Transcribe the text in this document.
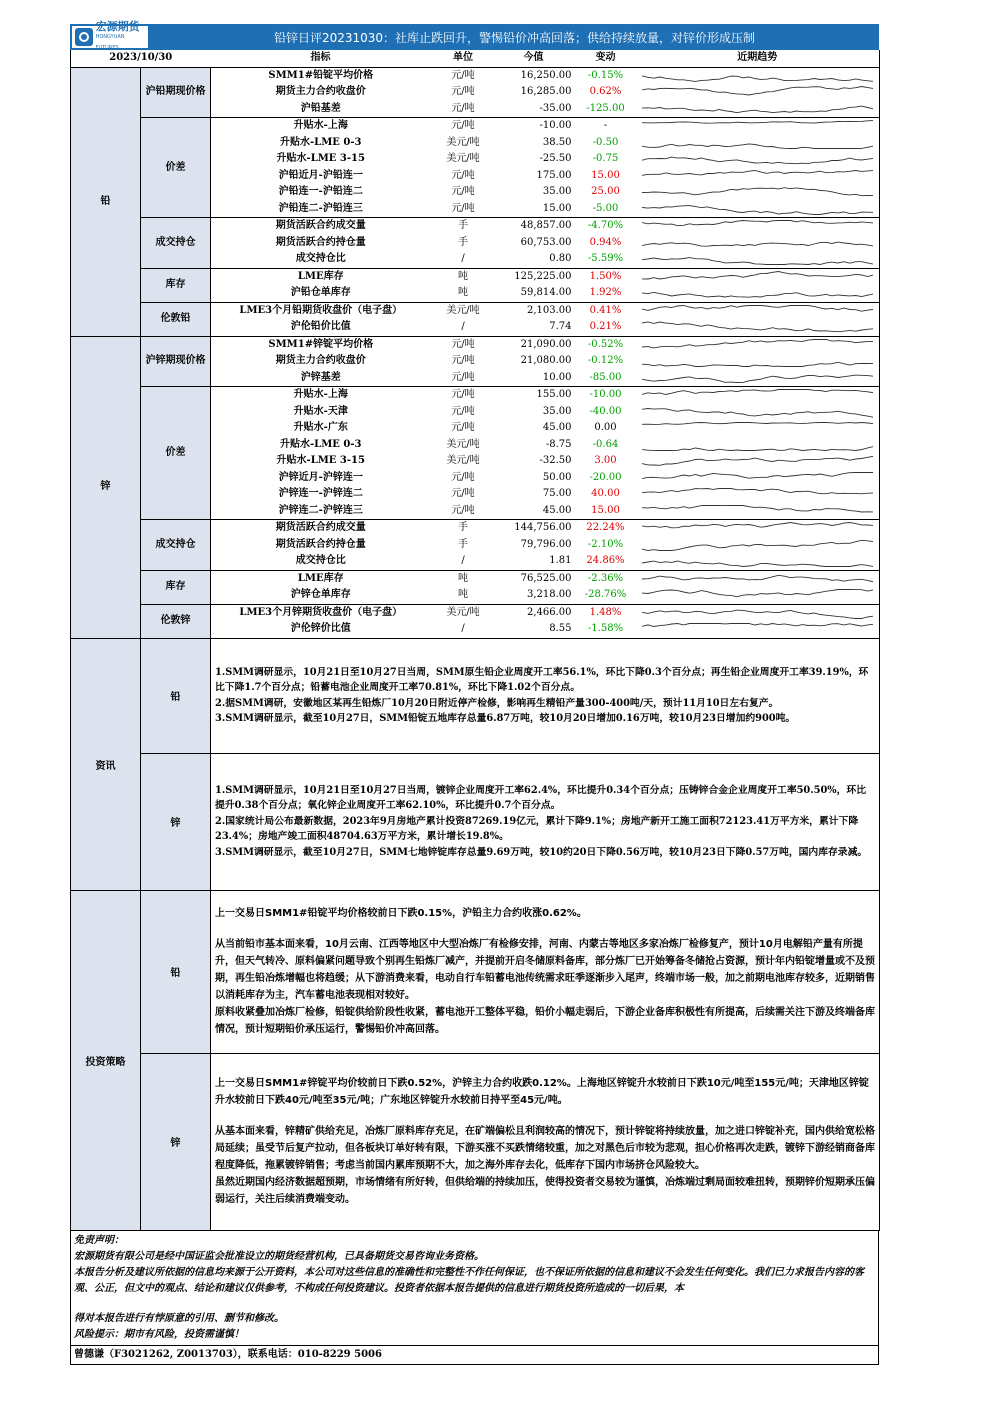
宏源期货
HONGYUAN FUTURES
铅锌日评20231030：社库止跌回升，警惕铅价冲高回落；供给持续放量，对锌价形成压制
2023/10/30		指标	单位	今值	变动	近期趋势
铅	沪铅期现价格	SMM1#铅锭平均价格	元/吨	16,250.00	-0.15%	

		期货主力合约收盘价	元/吨	16,285.00	0.62%	

		沪铅基差	元/吨	-35.00	-125.00	

	价差	升贴水-上海	元/吨	-10.00	-	

		升贴水-LME 0-3	美元/吨	38.50	-0.50	

		升贴水-LME 3-15	美元/吨	-25.50	-0.75	

		沪铅近月-沪铅连一	元/吨	175.00	15.00	

		沪铅连一-沪铅连二	元/吨	35.00	25.00	

		沪铅连二-沪铅连三	元/吨	15.00	-5.00	

	成交持仓	期货活跃合约成交量	手	48,857.00	-4.70%	

		期货活跃合约持仓量	手	60,753.00	0.94%	

		成交持仓比	/	0.80	-5.59%	

	库存	LME库存	吨	125,225.00	1.50%	

		沪铅仓单库存	吨	59,814.00	1.92%	

	伦敦铅	LME3个月铅期货收盘价（电子盘）	美元/吨	2,103.00	0.41%	

		沪伦铅价比值	/	7.74	0.21%	

锌	沪锌期现价格	SMM1#锌锭平均价格	元/吨	21,090.00	-0.52%	

		期货主力合约收盘价	元/吨	21,080.00	-0.12%	

		沪锌基差	元/吨	10.00	-85.00	

	价差	升贴水-上海	元/吨	155.00	-10.00	

		升贴水-天津	元/吨	35.00	-40.00	

		升贴水-广东	元/吨	45.00	0.00	

		升贴水-LME 0-3	美元/吨	-8.75	-0.64	

		升贴水-LME 3-15	美元/吨	-32.50	3.00	

		沪锌近月-沪锌连一	元/吨	50.00	-20.00	

		沪锌连一-沪锌连二	元/吨	75.00	40.00	

		沪锌连二-沪锌连三	元/吨	45.00	15.00	

	成交持仓	期货活跃合约成交量	手	144,756.00	22.24%	

		期货活跃合约持仓量	手	79,796.00	-2.10%	

		成交持仓比	/	1.81	24.86%	

	库存	LME库存	吨	76,525.00	-2.36%	

		沪锌仓单库存	吨	3,218.00	-28.76%	

	伦敦锌	LME3个月锌期货收盘价（电子盘）	美元/吨	2,466.00	1.48%	

		沪伦锌价比值	/	8.55	-1.58%	
资讯	铅	1.SMM调研显示，10月21日至10月27日当周，SMM原生铅企业周度开工率56.1%，环比下降0.3个百分点；再生铅企业周度开工率39.19%，环比下降1.7个百分点；铅蓄电池企业周度开工率70.81%，环比下降1.02个百分点。

2.据SMM调研，安徽地区某再生铅炼厂10月20日附近停产检修，影响再生精铅产量300-400吨/天，预计11月10日左右复产。

3.SMM调研显示，截至10月27日，SMM铅锭五地库存总量6.87万吨，较10月20日增加0.16万吨，较10月23日增加约900吨。

	锌	1.SMM调研显示，10月21日至10月27日当周，镀锌企业周度开工率62.4%，环比提升0.34个百分点；压铸锌合金企业周度开工率50.50%，环比提升0.38个百分点；氧化锌企业周度开工率62.10%，环比提升0.7个百分点。

2.国家统计局公布最新数据，2023年9月房地产累计投资87269.19亿元，累计下降9.1%；房地产新开工施工面积72123.41万平方米，累计下降23.4%；房地产竣工面积48704.63万平方米，累计增长19.8%。

3.SMM调研显示，截至10月27日，SMM七地锌锭库存总量9.69万吨，较10约20日下降0.56万吨，较10月23日下降0.57万吨，国内库存录减。

投资策略	铅	上一交易日SMM1#铅锭平均价格较前日下跌0.15%，沪铅主力合约收涨0.62%。

从当前铅市基本面来看，10月云南、江西等地区中大型冶炼厂有检修安排，河南、内蒙古等地区多家冶炼厂检修复产，预计10月电解铅产量有所提升，但天气转冷、原料偏紧问题导致个别再生铅炼厂减产，并提前开启冬储原料备库，部分炼厂已开始筹备冬储抢占资源，预计年内铅锭增量或不及预期，再生铅冶炼增幅也将趋缓；从下游消费来看，电动自行车铅蓄电池传统需求旺季逐渐步入尾声，终端市场一般，加之前期电池库存较多，近期销售以消耗库存为主，汽车蓄电池表现相对较好。

原料收紧叠加冶炼厂检修，铅锭供给阶段性收紧，蓄电池开工整体平稳，铅价小幅走弱后，下游企业备库积极性有所提高，后续需关注下游及终端备库情况，预计短期铅价承压运行，警惕铅价冲高回落。

	锌	上一交易日SMM1#锌锭平均价较前日下跌0.52%，沪锌主力合约收跌0.12%。上海地区锌锭升水较前日下跌10元/吨至155元/吨；天津地区锌锭升水较前日下跌40元/吨至35元/吨；广东地区锌锭升水较前日持平至45元/吨。

从基本面来看，锌精矿供给充足，冶炼厂原料库存充足，在矿端偏松且利润较高的情况下，预计锌锭将持续放量，加之进口锌锭补充，国内供给宽松格局延续；虽受节后复产拉动，但各板块订单好转有限，下游买涨不买跌情绪较重，加之对黑色后市较为悲观，担心价格再次走跌，镀锌下游经销商备库程度降低，拖累镀锌销售；考虑当前国内累库预期不大，加之海外库存去化，低库存下国内市场挤仓风险较大。

虽然近期国内经济数据超预期，市场情绪有所好转，但供给端的持续加压，使得投资者交易较为谨慎，冶炼端过剩局面较难扭转，预期锌价短期承压偏弱运行，关注后续消费端变动。

免责声明：

宏源期货有限公司是经中国证监会批准设立的期货经营机构，已具备期货交易咨询业务资格。

本报告分析及建议所依据的信息均来源于公开资料，本公司对这些信息的准确性和完整性不作任何保证，也不保证所依据的信息和建议不会发生任何变化。我们已力求报告内容的客观、公正，但文中的观点、结论和建议仅供参考，不构成任何投资建议。投资者依据本报告提供的信息进行期货投资所造成的一切后果，本

得对本报告进行有悖原意的引用、删节和修改。

风险提示：期市有风险，投资需谨慎！

曾德谦（F3021262, Z0013703），联系电话：010-8229 5006
